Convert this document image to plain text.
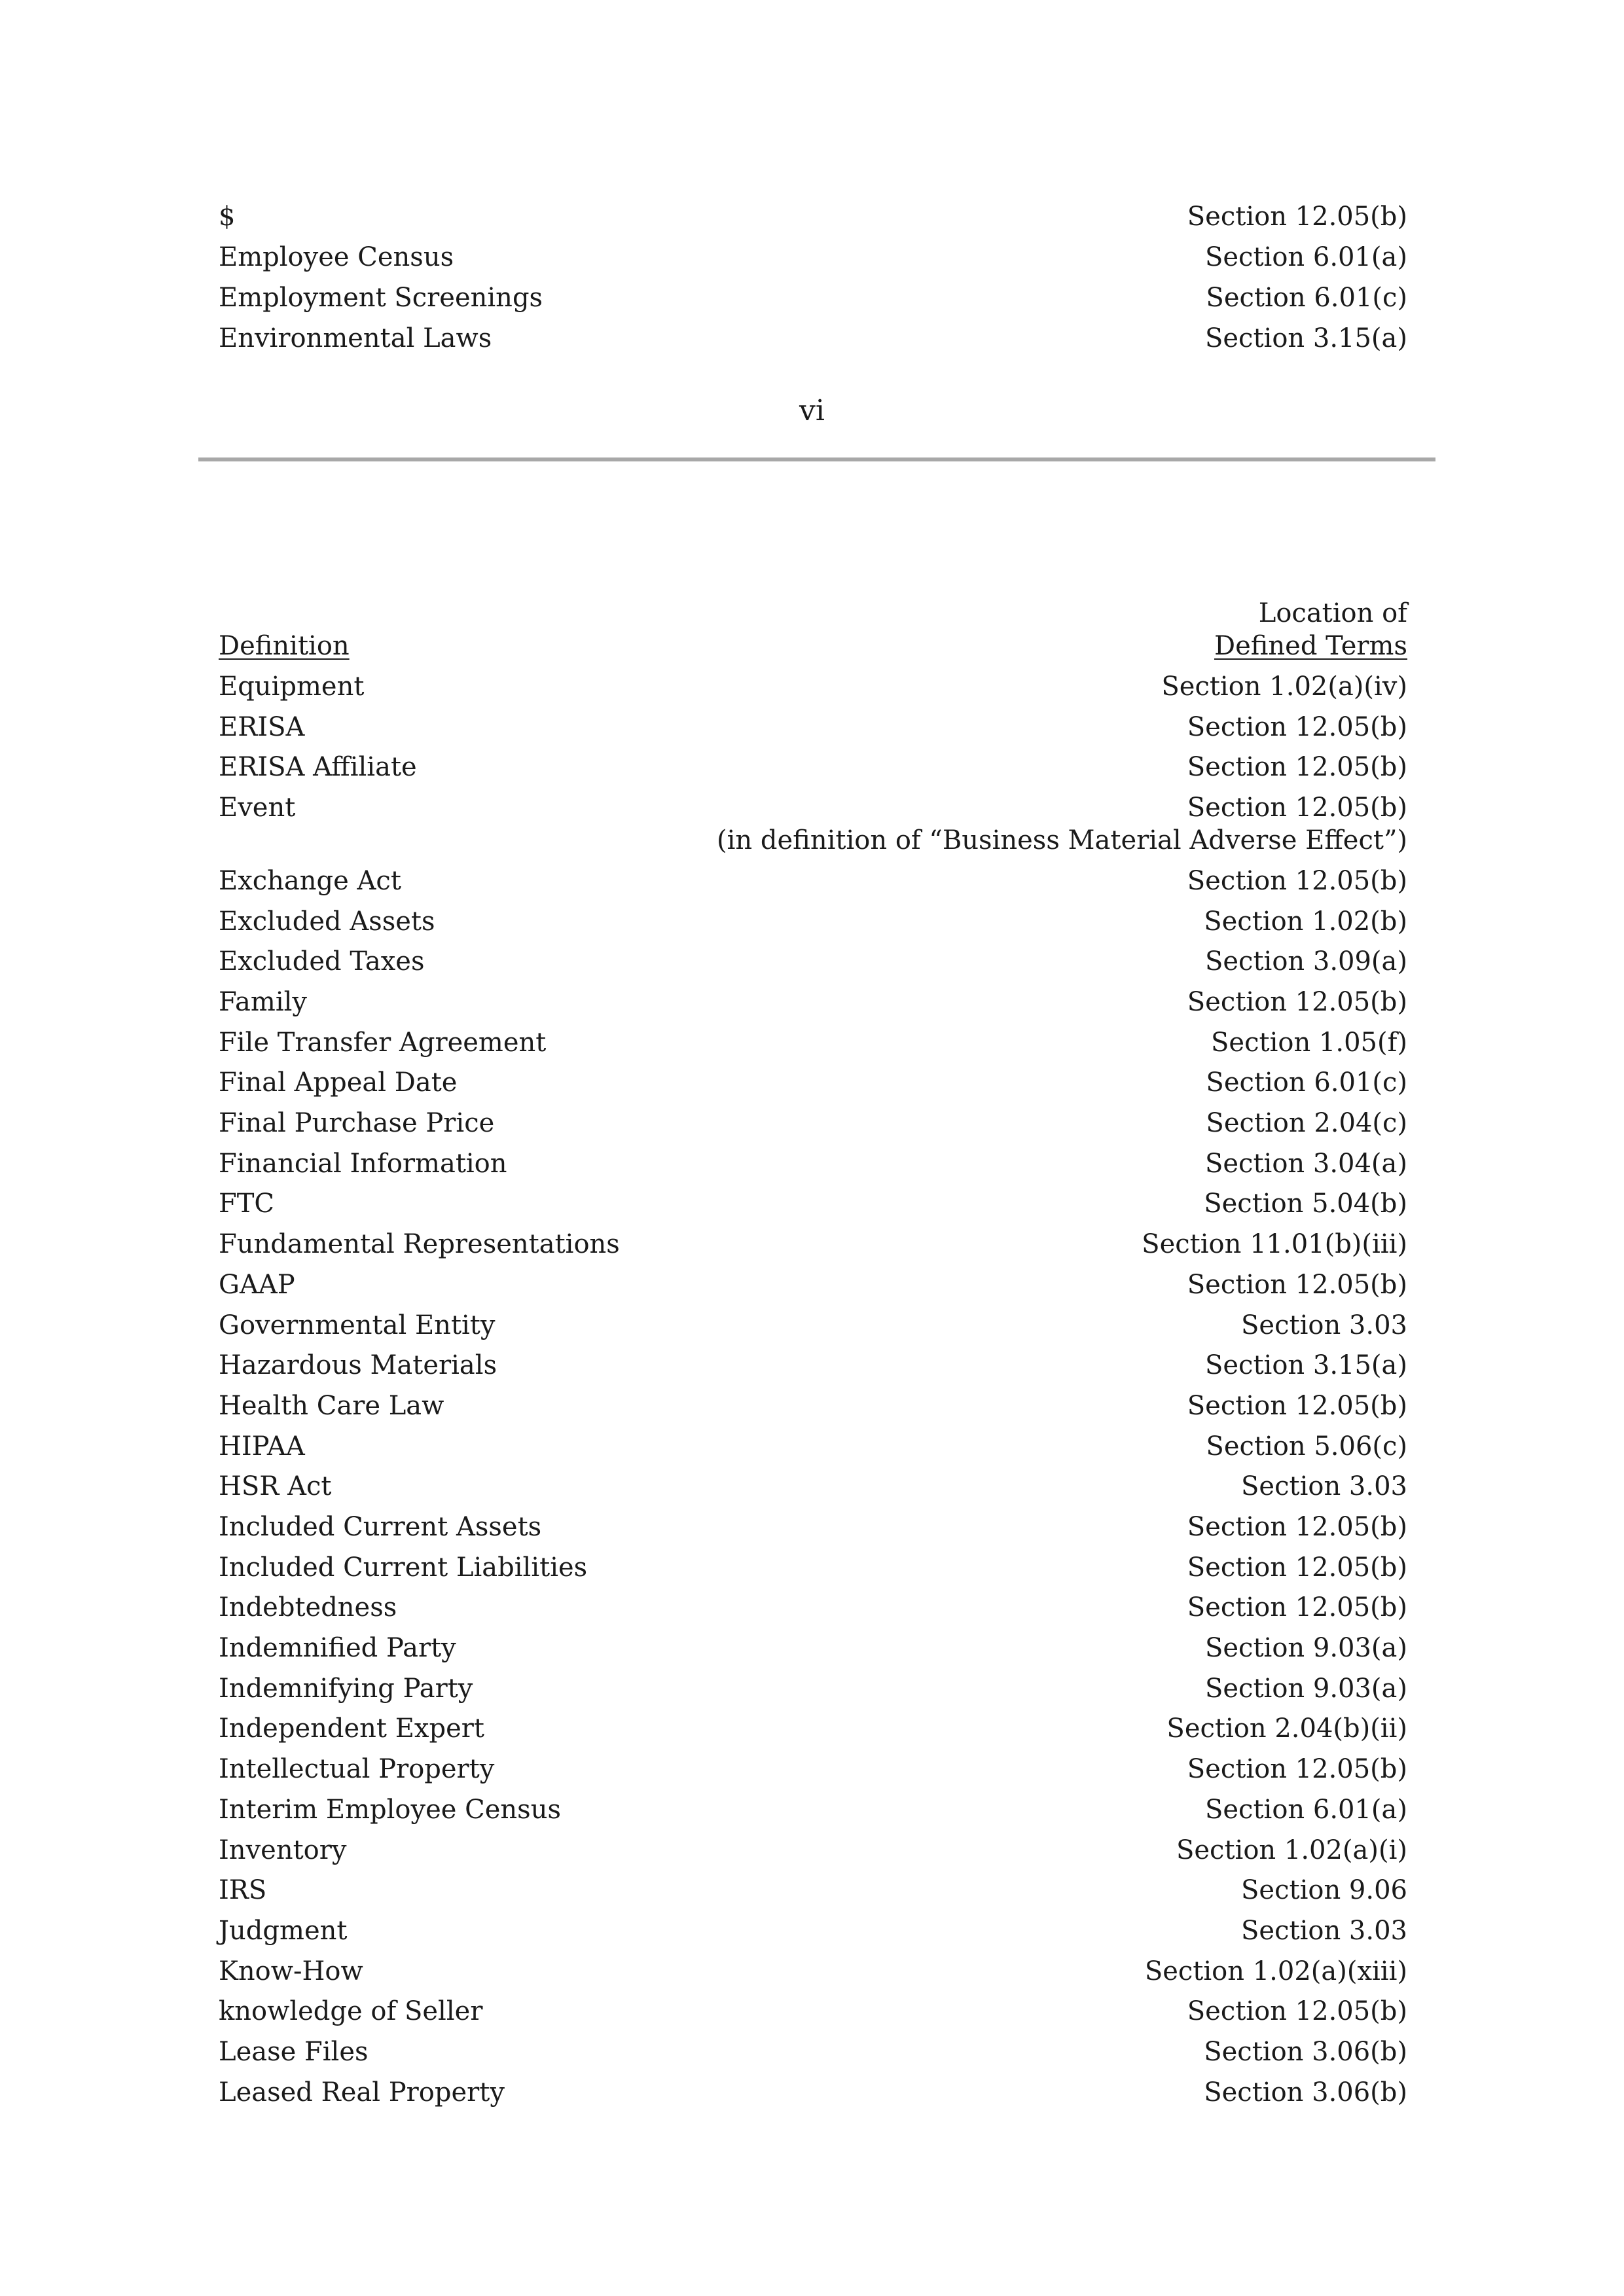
$	Section 12.05(b)
Employee Census	Section 6.01(a)
Employment Screenings	Section 6.01(c)
Environmental Laws	Section 3.15(a)
vi
Location of
Definition	Defined Terms
Equipment	Section 1.02(a)(iv)
ERISA	Section 12.05(b)
ERISA Affiliate	Section 12.05(b)
Event	Section 12.05(b)
(in definition of “Business Material Adverse Effect”)
Exchange Act	Section 12.05(b)
Excluded Assets	Section 1.02(b)
Excluded Taxes	Section 3.09(a)
Family	Section 12.05(b)
File Transfer Agreement	Section 1.05(f)
Final Appeal Date	Section 6.01(c)
Final Purchase Price	Section 2.04(c)
Financial Information	Section 3.04(a)
FTC	Section 5.04(b)
Fundamental Representations	Section 11.01(b)(iii)
GAAP	Section 12.05(b)
Governmental Entity	Section 3.03
Hazardous Materials	Section 3.15(a)
Health Care Law	Section 12.05(b)
HIPAA	Section 5.06(c)
HSR Act	Section 3.03
Included Current Assets	Section 12.05(b)
Included Current Liabilities	Section 12.05(b)
Indebtedness	Section 12.05(b)
Indemnified Party	Section 9.03(a)
Indemnifying Party	Section 9.03(a)
Independent Expert	Section 2.04(b)(ii)
Intellectual Property	Section 12.05(b)
Interim Employee Census	Section 6.01(a)
Inventory	Section 1.02(a)(i)
IRS	Section 9.06
Judgment	Section 3.03
Know-How	Section 1.02(a)(xiii)
knowledge of Seller	Section 12.05(b)
Lease Files	Section 3.06(b)
Leased Real Property	Section 3.06(b)
